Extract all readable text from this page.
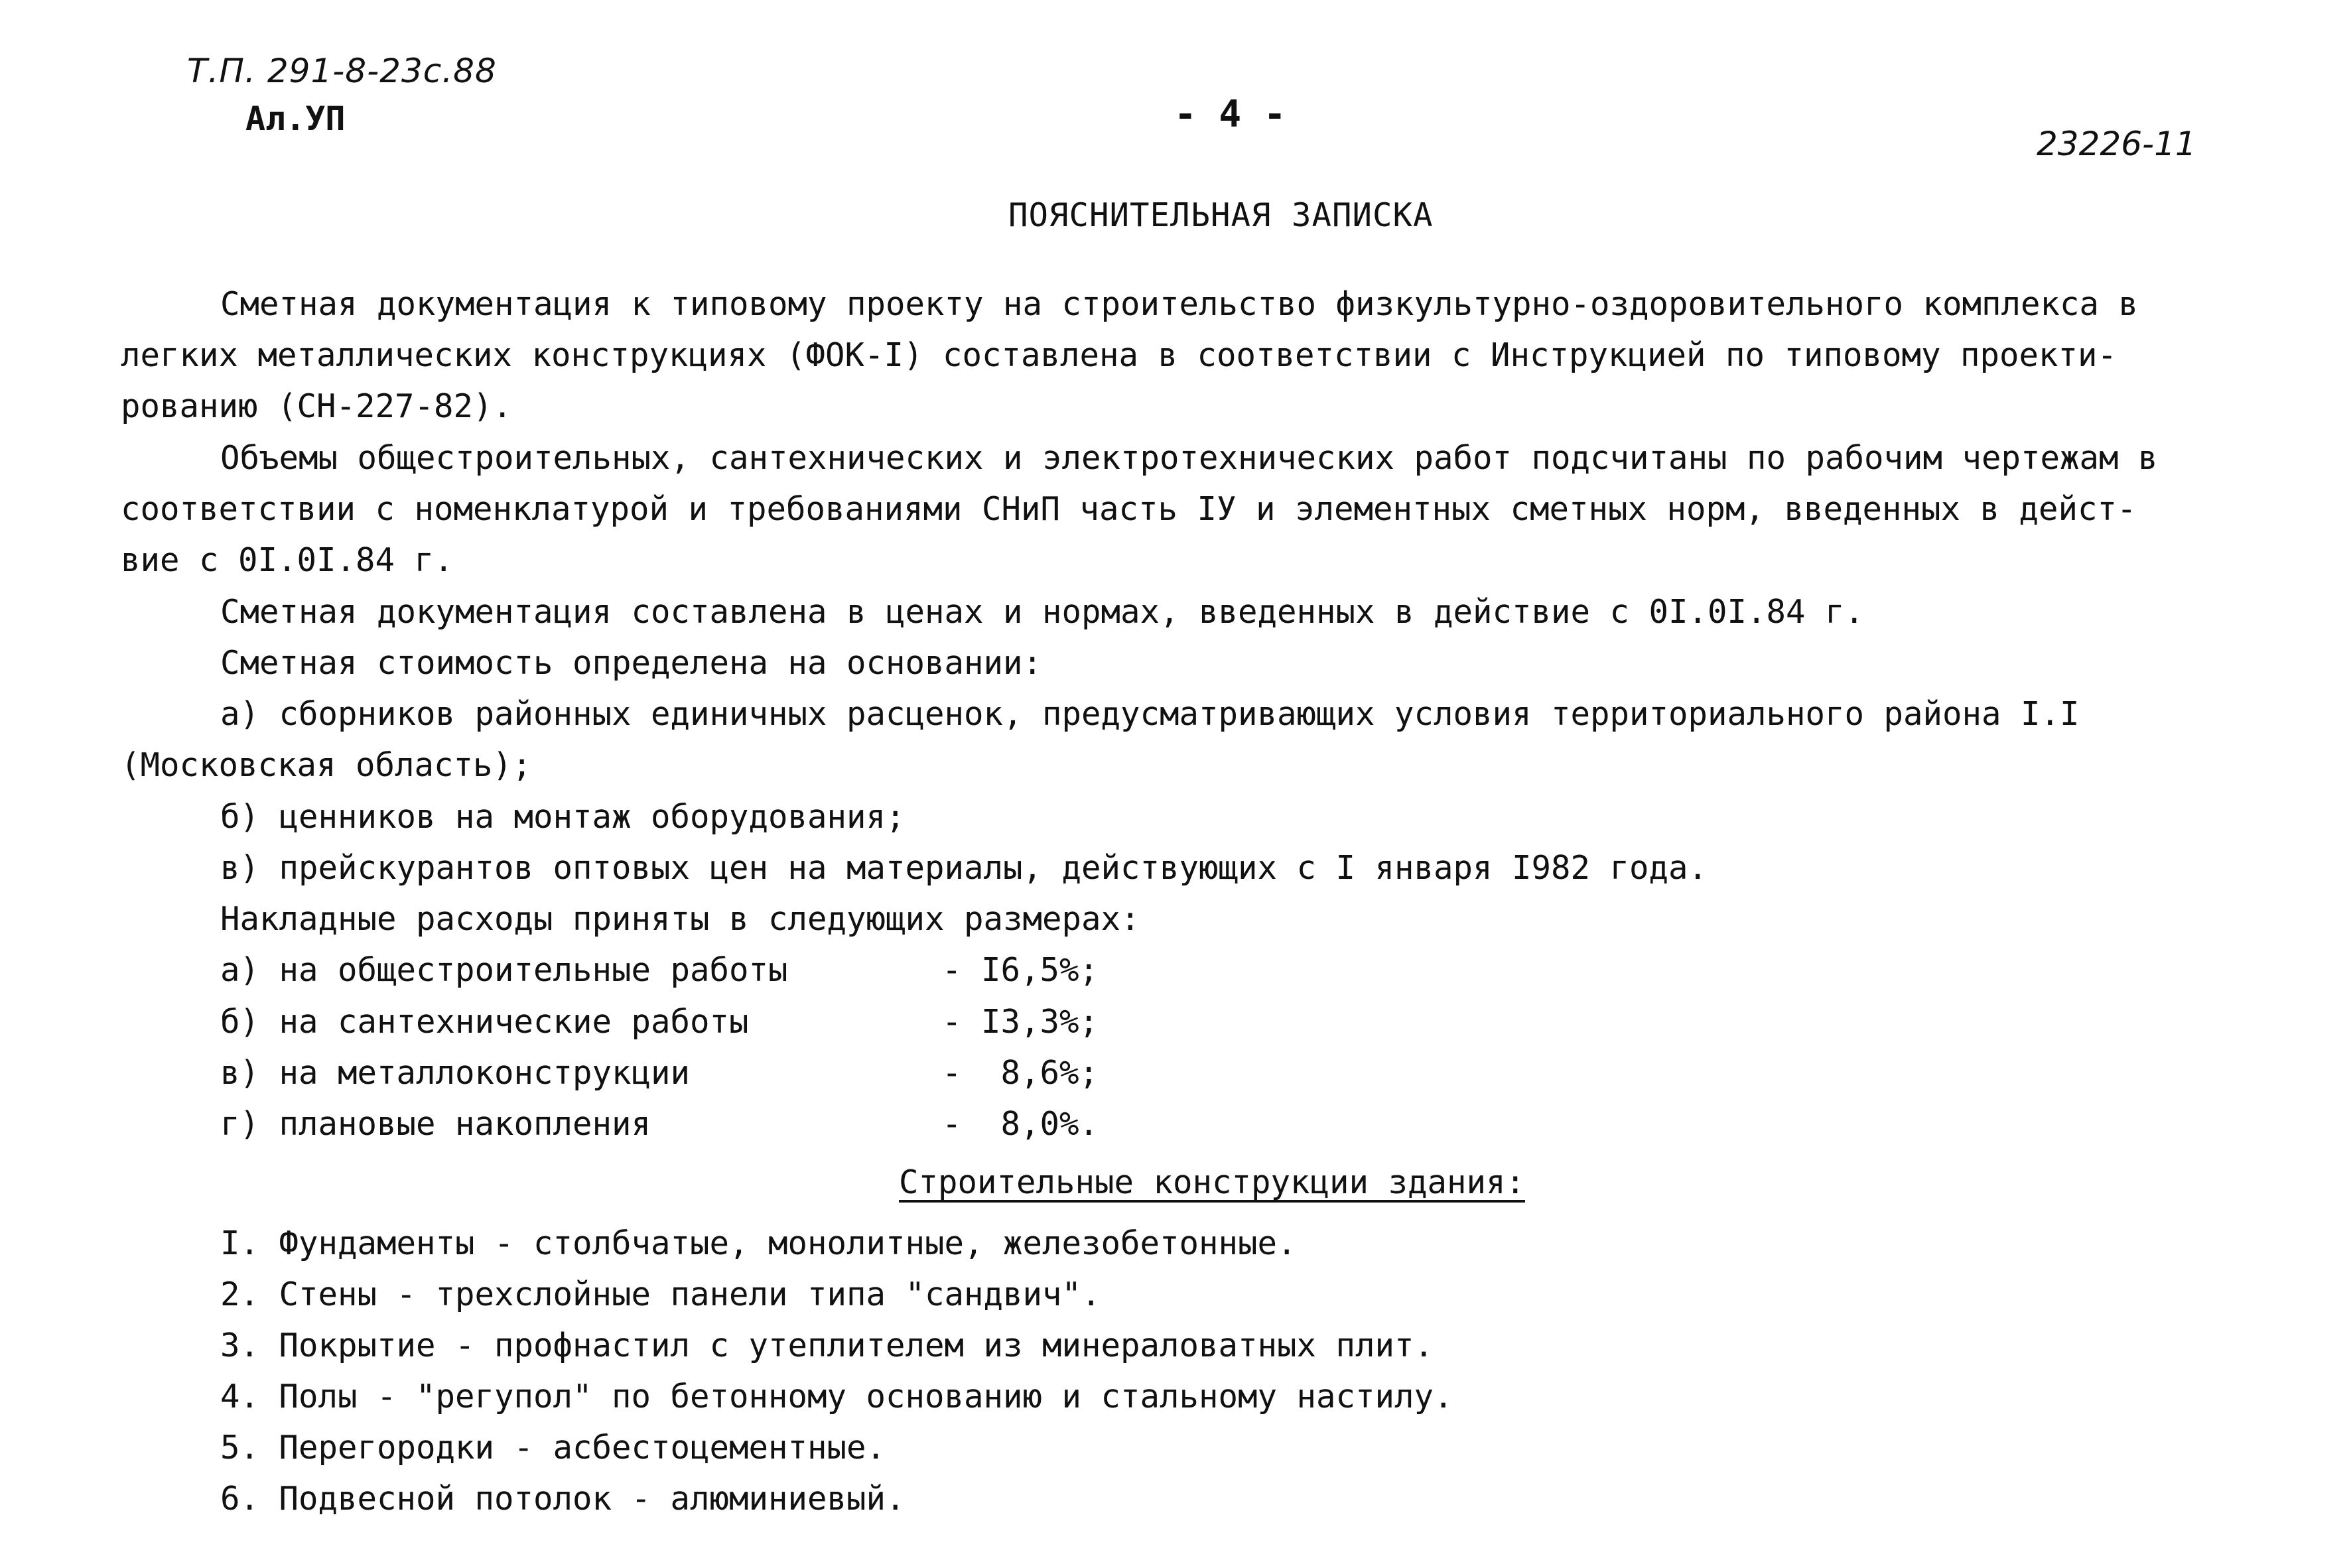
Т.П. 291-8-23с.88
Ал.УП	- 4 -
23226-11
ПОЯСНИТЕЛЬНАЯ ЗАПИСКА
Сметная документация к типовому проекту на строительство физкультурно-оздоровительного комплекса в
легких металлических конструкциях (ФОК-I) составлена в соответствии с Инструкцией по типовому проекти-
рованию (СН-227-82).
Объемы общестроительных, сантехнических и электротехнических работ подсчитаны по рабочим чертежам в
соответствии с номенклатурой и требованиями СНиП часть IУ и элементных сметных норм, введенных в дейст-
вие с 0I.0I.84 г.
Сметная документация составлена в ценах и нормах, введенных в действие с 0I.0I.84 г.
Сметная стоимость определена на основании:
а) сборников районных единичных расценок, предусматривающих условия территориального района I.I
(Московская область);
б) ценников на монтаж оборудования;
в) прейскурантов оптовых цен на материалы, действующих с I января I982 года.
Накладные расходы приняты в следующих размерах:
а) на общестроительные работы	- I6,5%;
б) на сантехнические работы	- I3,3%;
в) на металлоконструкции	-  8,6%;
г) плановые накопления	-  8,0%.
Строительные конструкции здания:
I. Фундаменты - столбчатые, монолитные, железобетонные.
2. Стены - трехслойные панели типа "сандвич".
3. Покрытие - профнастил с утеплителем из минераловатных плит.
4. Полы - "регупол" по бетонному основанию и стальному настилу.
5. Перегородки - асбестоцементные.
6. Подвесной потолок - алюминиевый.
